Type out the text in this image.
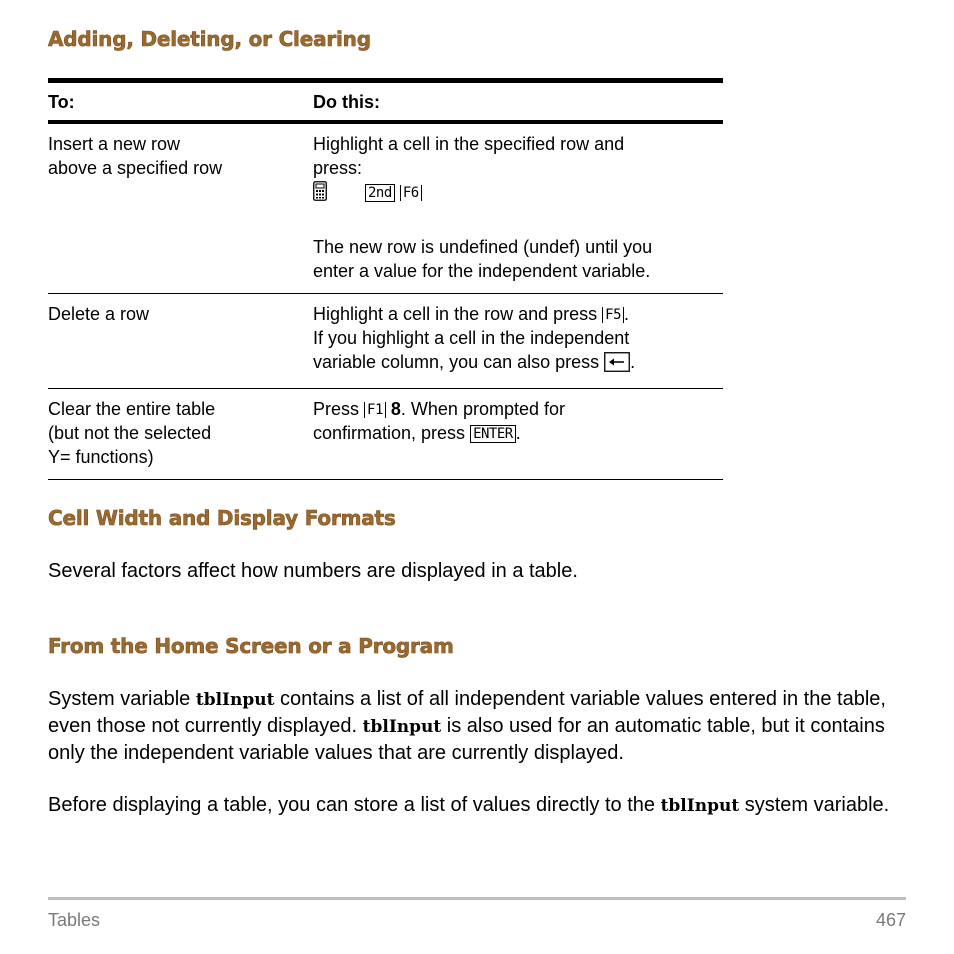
Adding, Deleting, or Clearing
To:	Do this:

Insert a new row
above a specified row	Highlight a cell in the specified row and
press:
2nd F6
The new row is undefined (undef) until you
enter a value for the independent variable.

Delete a row	Highlight a cell in the row and press F5 .
If you highlight a cell in the independent
variable column, you can also press .

Clear the entire table
(but not the selected
Y= functions)	Press F1 8. When prompted for
confirmation, press ENTER .
Cell Width and Display Formats

Several factors affect how numbers are displayed in a table.

From the Home Screen or a Program

System variable tblInput contains a list of all independent variable values entered in the table, even those not currently displayed. tblInput is also used for an automatic table, but it contains only the independent variable values that are currently displayed.

Before displaying a table, you can store a list of values directly to the tblInput system variable.

Tables	467
